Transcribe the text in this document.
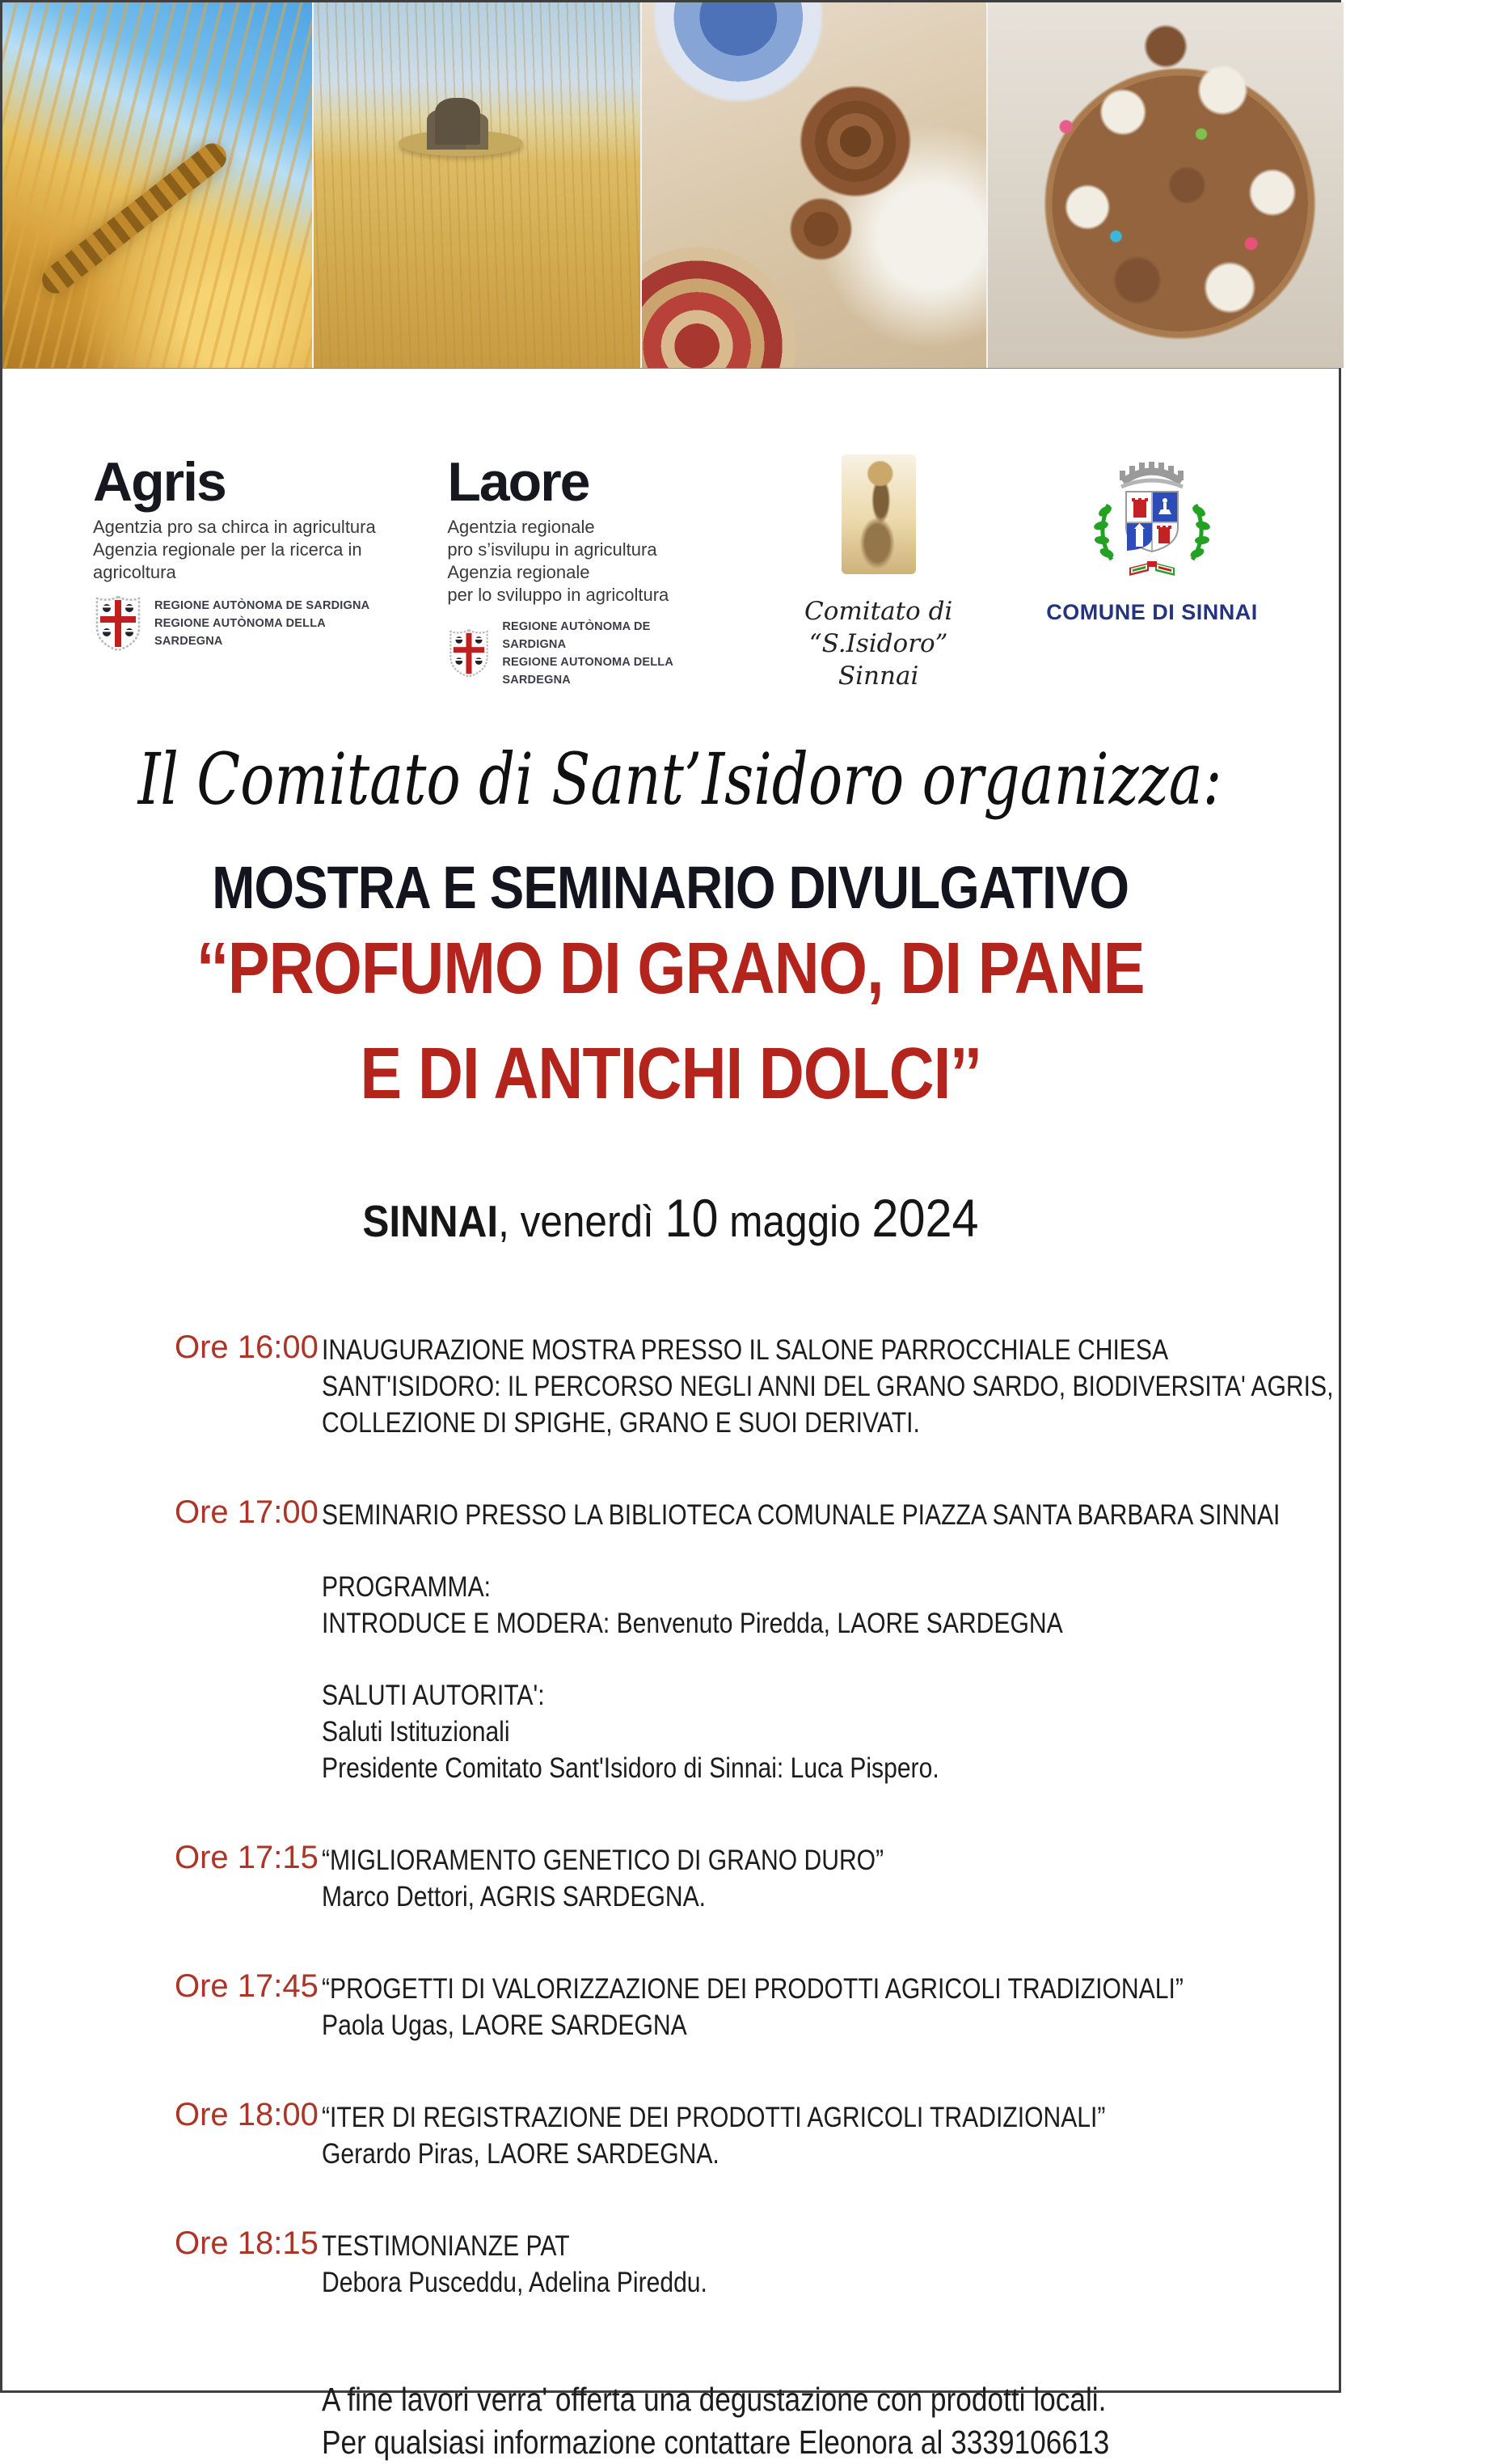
Agris
Agentzia pro sa chirca in agricultura
Agenzia regionale per la ricerca in agricoltura
REGIONE AUTÒNOMA DE SARDIGNA
REGIONE AUTÒNOMA DELLA SARDEGNA
Laore
Agentzia regionale
pro s’isvilupu in agricultura
Agenzia regionale
per lo sviluppo in agricoltura
REGIONE AUTÒNOMA DE SARDIGNA
REGIONE AUTONOMA DELLA SARDEGNA
Comitato di
“S.Isidoro” Sinnai
COMUNE DI SINNAI
Il Comitato di Sant’Isidoro organizza:
MOSTRA E SEMINARIO DIVULGATIVO
‘‘PROFUMO DI GRANO, DI PANE
E DI ANTICHI DOLCI’’
SINNAI, venerdì 10 maggio 2024
Ore 16:00 INAUGURAZIONE MOSTRA PRESSO IL SALONE PARROCCHIALE CHIESA
SANT'ISIDORO: IL PERCORSO NEGLI ANNI DEL GRANO SARDO, BIODIVERSITA' AGRIS,
COLLEZIONE DI SPIGHE, GRANO E SUOI DERIVATI.
Ore 17:00 SEMINARIO PRESSO LA BIBLIOTECA COMUNALE PIAZZA SANTA BARBARA SINNAI
PROGRAMMA:
INTRODUCE E MODERA: Benvenuto Piredda, LAORE SARDEGNA
SALUTI AUTORITA':
Saluti Istituzionali
Presidente Comitato Sant'Isidoro di Sinnai: Luca Pispero.
Ore 17:15 “MIGLIORAMENTO GENETICO DI GRANO DURO”
Marco Dettori, AGRIS SARDEGNA.
Ore 17:45 “PROGETTI DI VALORIZZAZIONE DEI PRODOTTI AGRICOLI TRADIZIONALI”
Paola Ugas, LAORE SARDEGNA
Ore 18:00 “ITER DI REGISTRAZIONE DEI PRODOTTI AGRICOLI TRADIZIONALI”
Gerardo Piras, LAORE SARDEGNA.
Ore 18:15 TESTIMONIANZE PAT
Debora Pusceddu, Adelina Pireddu.
A fine lavori verra' offerta una degustazione con prodotti locali.
Per qualsiasi informazione contattare Eleonora al 3339106613
